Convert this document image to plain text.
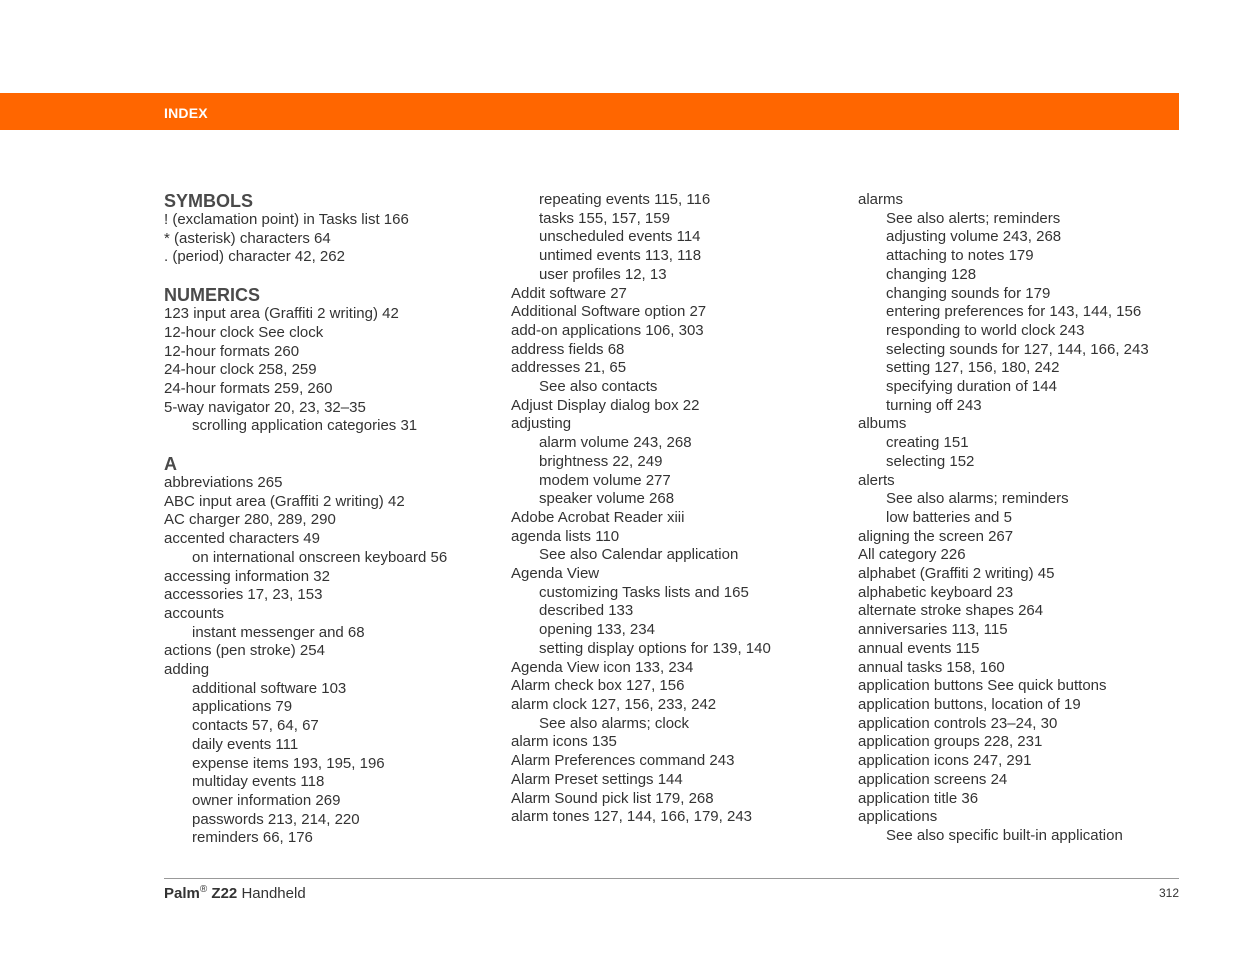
INDEX
SYMBOLS
! (exclamation point) in Tasks list 166
* (asterisk) characters 64
. (period) character 42, 262
NUMERICS
123 input area (Graffiti 2 writing) 42
12-hour clock See clock
12-hour formats 260
24-hour clock 258, 259
24-hour formats 259, 260
5-way navigator 20, 23, 32–35
scrolling application categories 31
A
abbreviations 265
ABC input area (Graffiti 2 writing) 42
AC charger 280, 289, 290
accented characters 49
on international onscreen keyboard 56
accessing information 32
accessories 17, 23, 153
accounts
instant messenger and 68
actions (pen stroke) 254
adding
additional software 103
applications 79
contacts 57, 64, 67
daily events 111
expense items 193, 195, 196
multiday events 118
owner information 269
passwords 213, 214, 220
reminders 66, 176
repeating events 115, 116
tasks 155, 157, 159
unscheduled events 114
untimed events 113, 118
user profiles 12, 13
Addit software 27
Additional Software option 27
add-on applications 106, 303
address fields 68
addresses 21, 65
See also contacts
Adjust Display dialog box 22
adjusting
alarm volume 243, 268
brightness 22, 249
modem volume 277
speaker volume 268
Adobe Acrobat Reader xiii
agenda lists 110
See also Calendar application
Agenda View
customizing Tasks lists and 165
described 133
opening 133, 234
setting display options for 139, 140
Agenda View icon 133, 234
Alarm check box 127, 156
alarm clock 127, 156, 233, 242
See also alarms; clock
alarm icons 135
Alarm Preferences command 243
Alarm Preset settings 144
Alarm Sound pick list 179, 268
alarm tones 127, 144, 166, 179, 243
alarms
See also alerts; reminders
adjusting volume 243, 268
attaching to notes 179
changing 128
changing sounds for 179
entering preferences for 143, 144, 156
responding to world clock 243
selecting sounds for 127, 144, 166, 243
setting 127, 156, 180, 242
specifying duration of 144
turning off 243
albums
creating 151
selecting 152
alerts
See also alarms; reminders
low batteries and 5
aligning the screen 267
All category 226
alphabet (Graffiti 2 writing) 45
alphabetic keyboard 23
alternate stroke shapes 264
anniversaries 113, 115
annual events 115
annual tasks 158, 160
application buttons See quick buttons
application buttons, location of 19
application controls 23–24, 30
application groups 228, 231
application icons 247, 291
application screens 24
application title 36
applications
See also specific built-in application
Palm® Z22 Handheld	312
